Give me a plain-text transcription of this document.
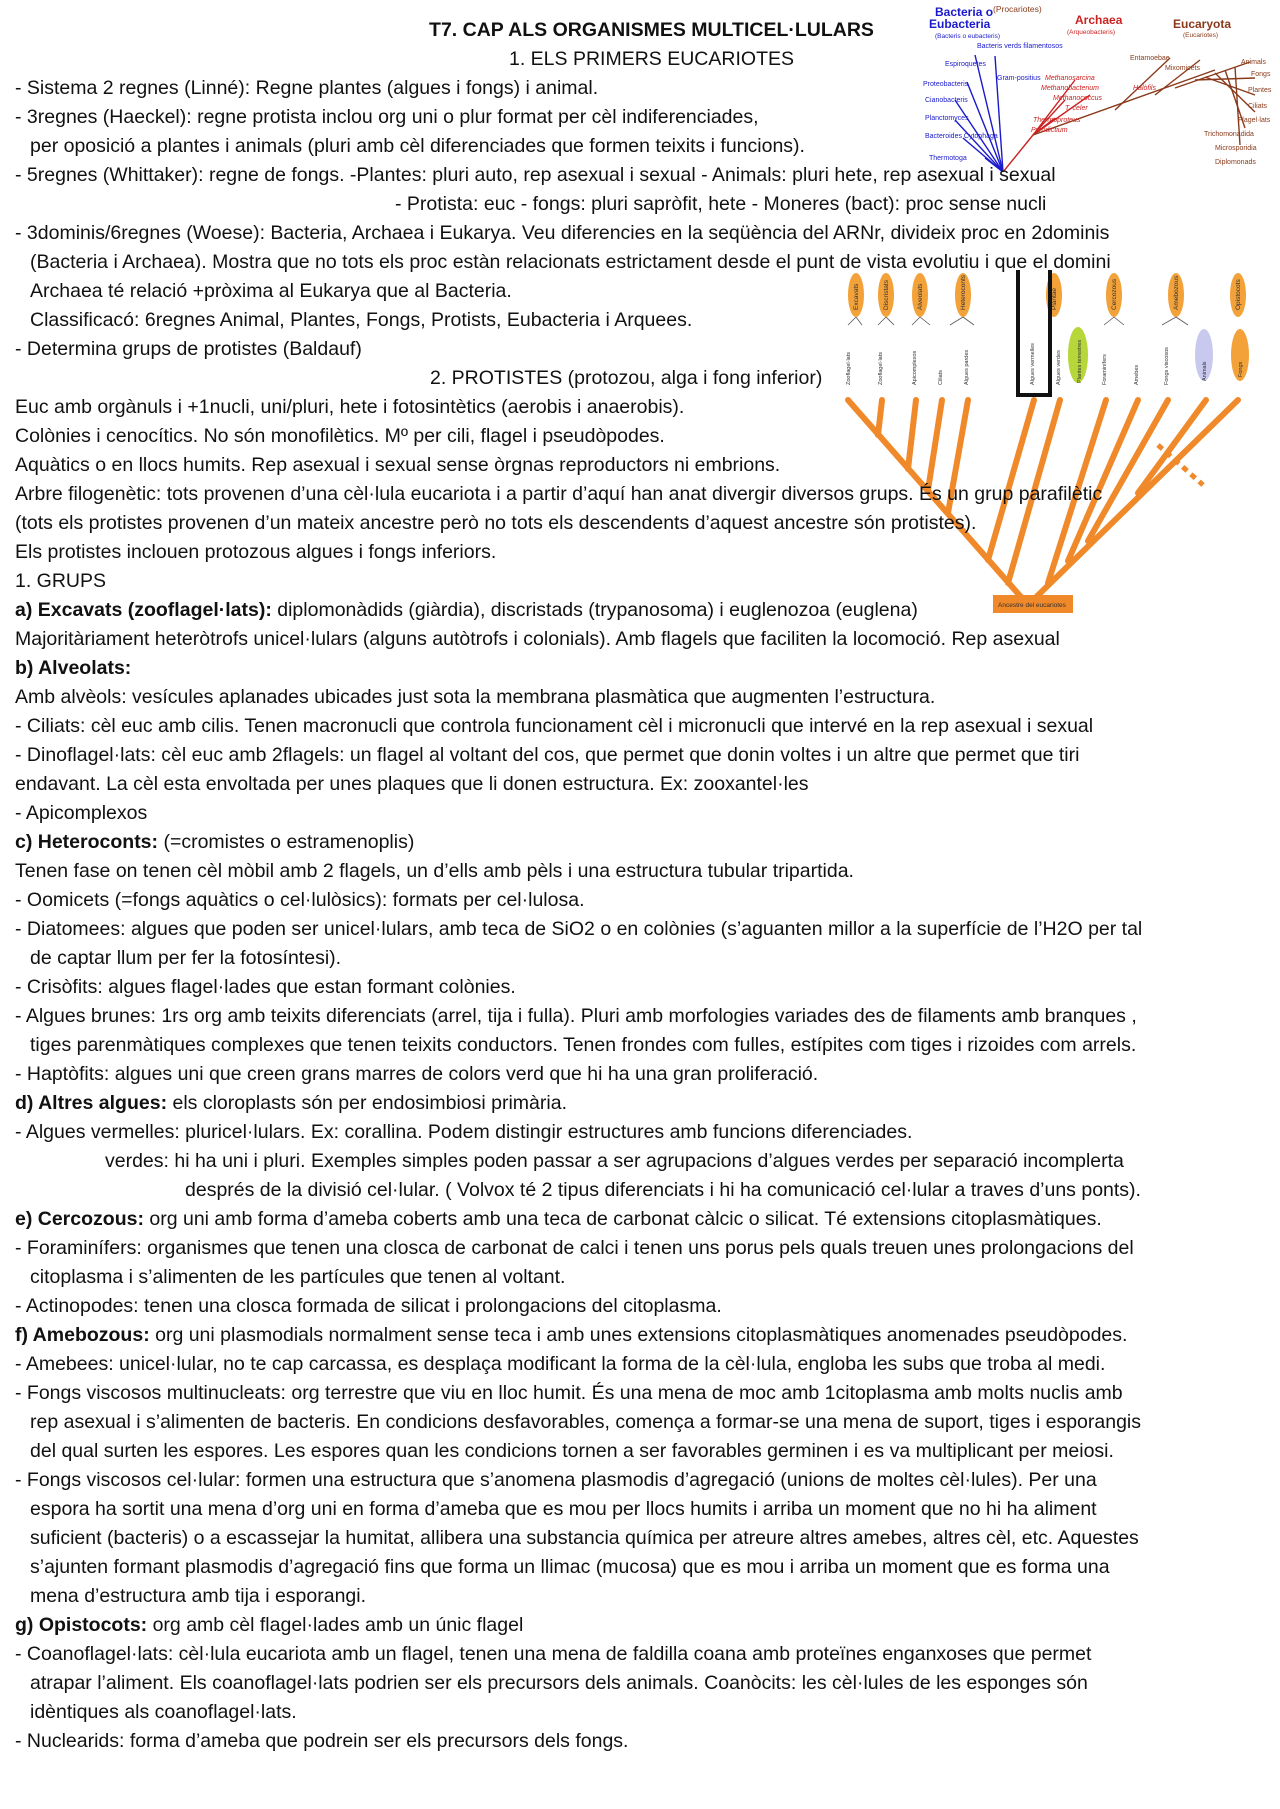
(Procariotes)
Bacteria o
Eubacteria
(Bacteris o eubacteris)
Archaea
(Arqueobacteris)
Eucaryota
(Eucariotes)
Espiroquetes
Bacteris verds filamentosos
Gram-positius
Proteobacteris
Cianobacteris
Planctomyces
Bacteroides Cytophaga
Thermotoga
Methanosarcina
Methanobacterium	Halòfils
Methanococcus
T. celer
Thermoproteus
Pyrodictium
Entamoebae
Mixomicets
Animals
Fongs
Plantes
Ciliats
Flagel·lats
Trichomonadida
Microsporidia
Diplomonads
Excavats	Discristats	Alveolats	Heteroconts	Plantae	Cercozous	Amebozous	Opistocots
Zooflagel·lats	Zooflagel·lats	Apicomplexos	Ciliats	Algues pardes	Algues vermelles	Algues verdes	Plantes terrestres	Foraminífers	Amebes	Fongs viscosos	Animals	Fongs
Ancestre del eucariotes
T7. CAP ALS ORGANISMES MULTICEL·LULARS
1. ELS PRIMERS EUCARIOTES
- Sistema 2 regnes (Linné): Regne plantes (algues i fongs) i animal.
- 3regnes (Haeckel): regne protista inclou org uni o plur format per cèl indiferenciades,
per oposició a plantes i animals (pluri amb cèl diferenciades que formen teixits i funcions).
- 5regnes (Whittaker): regne de fongs. -Plantes: pluri auto, rep asexual i sexual - Animals: pluri hete, rep asexual i sexual
- Protista: euc - fongs: pluri sapròfit, hete - Moneres (bact): proc sense nucli
- 3dominis/6regnes (Woese): Bacteria, Archaea i Eukarya. Veu diferencies en la seqüència del ARNr, divideix proc en 2dominis
(Bacteria i Archaea). Mostra que no tots els proc estàn relacionats estrictament desde el punt de vista evolutiu i que el domini
Archaea té relació +pròxima al Eukarya que al Bacteria.
Classificacó: 6regnes Animal, Plantes, Fongs, Protists, Eubacteria i Arquees.
- Determina grups de protistes (Baldauf)
2. PROTISTES (protozou, alga i fong inferior)
Euc amb orgànuls i +1nucli, uni/pluri, hete i fotosintètics (aerobis i anaerobis).
Colònies i cenocítics. No són monofilètics. Mº per cili, flagel i pseudòpodes.
Aquàtics o en llocs humits. Rep asexual i sexual sense òrgnas reproductors ni embrions.
Arbre filogenètic: tots provenen d’una cèl·lula eucariota i a partir d’aquí han anat divergir diversos grups. És un grup parafilètic
(tots els protistes provenen d’un mateix ancestre però no tots els descendents d’aquest ancestre són protistes).
Els protistes inclouen protozous algues i fongs inferiors.
1. GRUPS
a) Excavats (zooflagel·lats): diplomonàdids (giàrdia), discristads (trypanosoma) i euglenozoa (euglena)
Majoritàriament heteròtrofs unicel·lulars (alguns autòtrofs i colonials). Amb flagels que faciliten la locomoció. Rep asexual
b) Alveolats:
Amb alvèols: vesícules aplanades ubicades just sota la membrana plasmàtica que augmenten l’estructura.
- Ciliats: cèl euc amb cilis. Tenen macronucli que controla funcionament cèl i micronucli que intervé en la rep asexual i sexual
- Dinoflagel·lats: cèl euc amb 2flagels: un flagel al voltant del cos, que permet que donin voltes i un altre que permet que tiri
endavant. La cèl esta envoltada per unes plaques que li donen estructura. Ex: zooxantel·les
- Apicomplexos
c) Heteroconts: (=cromistes o estramenoplis)
Tenen fase on tenen cèl mòbil amb 2 flagels, un d’ells amb pèls i una estructura tubular tripartida.
- Oomicets (=fongs aquàtics o cel·lulòsics): formats per cel·lulosa.
- Diatomees: algues que poden ser unicel·lulars, amb teca de SiO2 o en colònies (s’aguanten millor a la superfície de l’H2O per tal
de captar llum per fer la fotosíntesi).
- Crisòfits: algues flagel·lades que estan formant colònies.
- Algues brunes: 1rs org amb teixits diferenciats (arrel, tija i fulla). Pluri amb morfologies variades des de filaments amb branques ,
tiges parenmàtiques complexes que tenen teixits conductors. Tenen frondes com fulles, estípites com tiges i rizoides com arrels.
- Haptòfits: algues uni que creen grans marres de colors verd que hi ha una gran proliferació.
d) Altres algues: els cloroplasts són per endosimbiosi primària.
- Algues vermelles: pluricel·lulars. Ex: corallina. Podem distingir estructures amb funcions diferenciades.
verdes: hi ha uni i pluri. Exemples simples poden passar a ser agrupacions d’algues verdes per separació incomplerta
després de la divisió cel·lular. ( Volvox té 2 tipus diferenciats i hi ha comunicació cel·lular a traves d’uns ponts).
e) Cercozous: org uni amb forma d’ameba coberts amb una teca de carbonat càlcic o silicat. Té extensions citoplasmàtiques.
- Foraminífers: organismes que tenen una closca de carbonat de calci i tenen uns porus pels quals treuen unes prolongacions del
citoplasma i s’alimenten de les partícules que tenen al voltant.
- Actinopodes: tenen una closca formada de silicat i prolongacions del citoplasma.
f) Amebozous: org uni plasmodials normalment sense teca i amb unes extensions citoplasmàtiques anomenades pseudòpodes.
- Amebees: unicel·lular, no te cap carcassa, es desplaça modificant la forma de la cèl·lula, engloba les subs que troba al medi.
- Fongs viscosos multinucleats: org terrestre que viu en lloc humit. És una mena de moc amb 1citoplasma amb molts nuclis amb
rep asexual i s’alimenten de bacteris. En condicions desfavorables, comença a formar-se una mena de suport, tiges i esporangis
del qual surten les espores. Les espores quan les condicions tornen a ser favorables germinen i es va multiplicant per meiosi.
- Fongs viscosos cel·lular: formen una estructura que s’anomena plasmodis d’agregació (unions de moltes cèl·lules). Per una
espora ha sortit una mena d’org uni en forma d’ameba que es mou per llocs humits i arriba un moment que no hi ha aliment
suficient (bacteris) o a escassejar la humitat, allibera una substancia química per atreure altres amebes, altres cèl, etc. Aquestes
s’ajunten formant plasmodis d’agregació fins que forma un llimac (mucosa) que es mou i arriba un moment que es forma una
mena d’estructura amb tija i esporangi.
g) Opistocots: org amb cèl flagel·lades amb un únic flagel
- Coanoflagel·lats: cèl·lula eucariota amb un flagel, tenen una mena de faldilla coana amb proteïnes enganxoses que permet
atrapar l’aliment. Els coanoflagel·lats podrien ser els precursors dels animals. Coanòcits: les cèl·lules de les esponges són
idèntiques als coanoflagel·lats.
- Nuclearids: forma d’ameba que podrein ser els precursors dels fongs.
